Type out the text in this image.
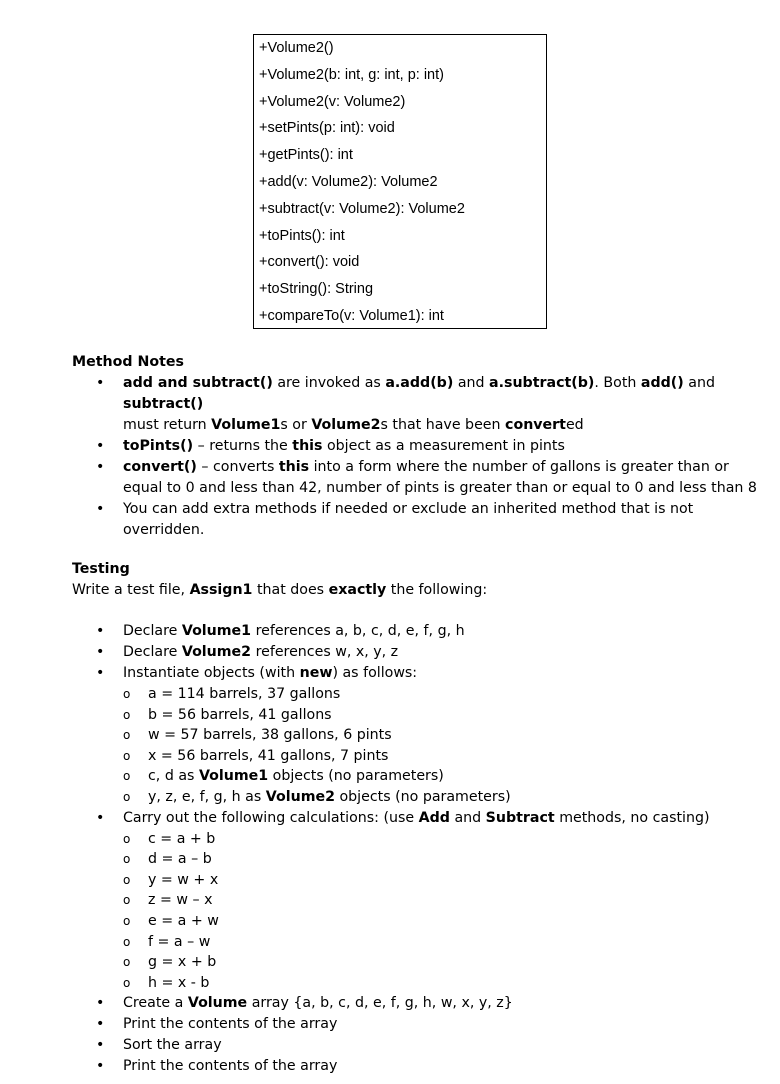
+Volume2()
+Volume2(b: int, g: int, p: int)
+Volume2(v: Volume2)
+setPints(p: int): void
+getPints(): int
+add(v: Volume2): Volume2
+subtract(v: Volume2): Volume2
+toPints(): int
+convert(): void
+toString(): String
+compareTo(v: Volume1): int
Method Notes
• add and subtract() are invoked as a.add(b) and a.subtract(b). Both add() and subtract()
must return Volume1s or Volume2s that have been converted
• toPints() – returns the this object as a measurement in pints
• convert() – converts this into a form where the number of gallons is greater than or equal to 0 and less than 42, number of pints is greater than or equal to 0 and less than 8
• You can add extra methods if needed or exclude an inherited method that is not overridden.
Testing
Write a test file, Assign1 that does exactly the following:
• Declare Volume1 references a, b, c, d, e, f, g, h
• Declare Volume2 references w, x, y, z
• Instantiate objects (with new) as follows:
o a = 114 barrels, 37 gallons
o b = 56 barrels, 41 gallons
o w = 57 barrels, 38 gallons, 6 pints
o x = 56 barrels, 41 gallons, 7 pints
o c, d as Volume1 objects (no parameters)
o y, z, e, f, g, h as Volume2 objects (no parameters)
• Carry out the following calculations: (use Add and Subtract methods, no casting)
o c = a + b
o d = a – b
o y = w + x
o z = w – x
o e = a + w
o f = a – w
o g = x + b
o h = x - b
• Create a Volume array {a, b, c, d, e, f, g, h, w, x, y, z}
• Print the contents of the array
• Sort the array
• Print the contents of the array
